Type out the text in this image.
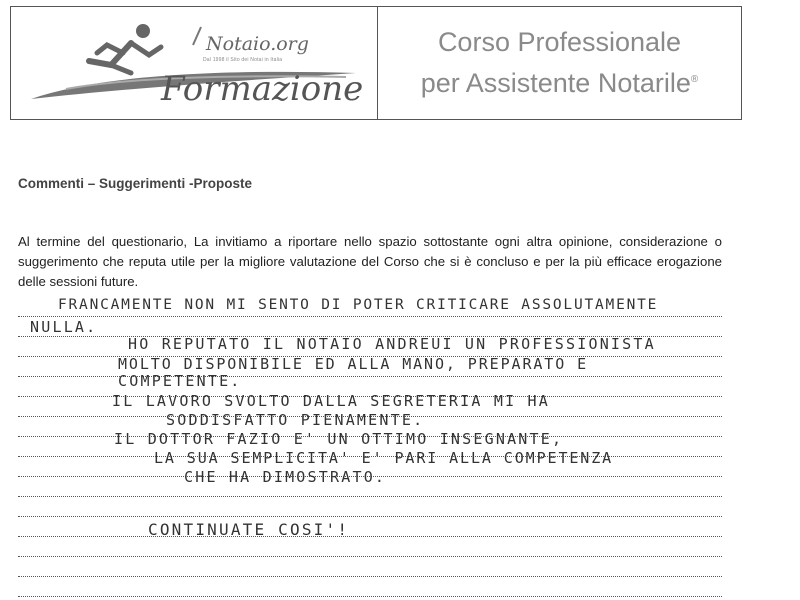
Notaio.org
Dal 1998 il Sito dei Notai in Italia
Formazione
Corso Professionale
per Assistente Notarile®
Commenti – Suggerimenti -Proposte
Al termine del questionario, La invitiamo a riportare nello spazio sottostante ogni altra opinione, considerazione o suggerimento che reputa utile per la migliore valutazione del Corso che si è concluso e per la più efficace erogazione delle sessioni future.
FRANCAMENTE NON MI SENTO DI POTER CRITICARE ASSOLUTAMENTE
NULLA.
HO REPUTATO IL NOTAIO ANDREUI UN PROFESSIONISTA
MOLTO DISPONIBILE ED ALLA MANO, PREPARATO E
COMPETENTE.
IL LAVORO SVOLTO DALLA SEGRETERIA MI HA
SODDISFATTO PIENAMENTE.
IL DOTTOR FAZIO E' UN OTTIMO INSEGNANTE,
LA SUA SEMPLICITA' E' PARI ALLA COMPETENZA
CHE HA DIMOSTRATO.
CONTINUATE COSI'!
